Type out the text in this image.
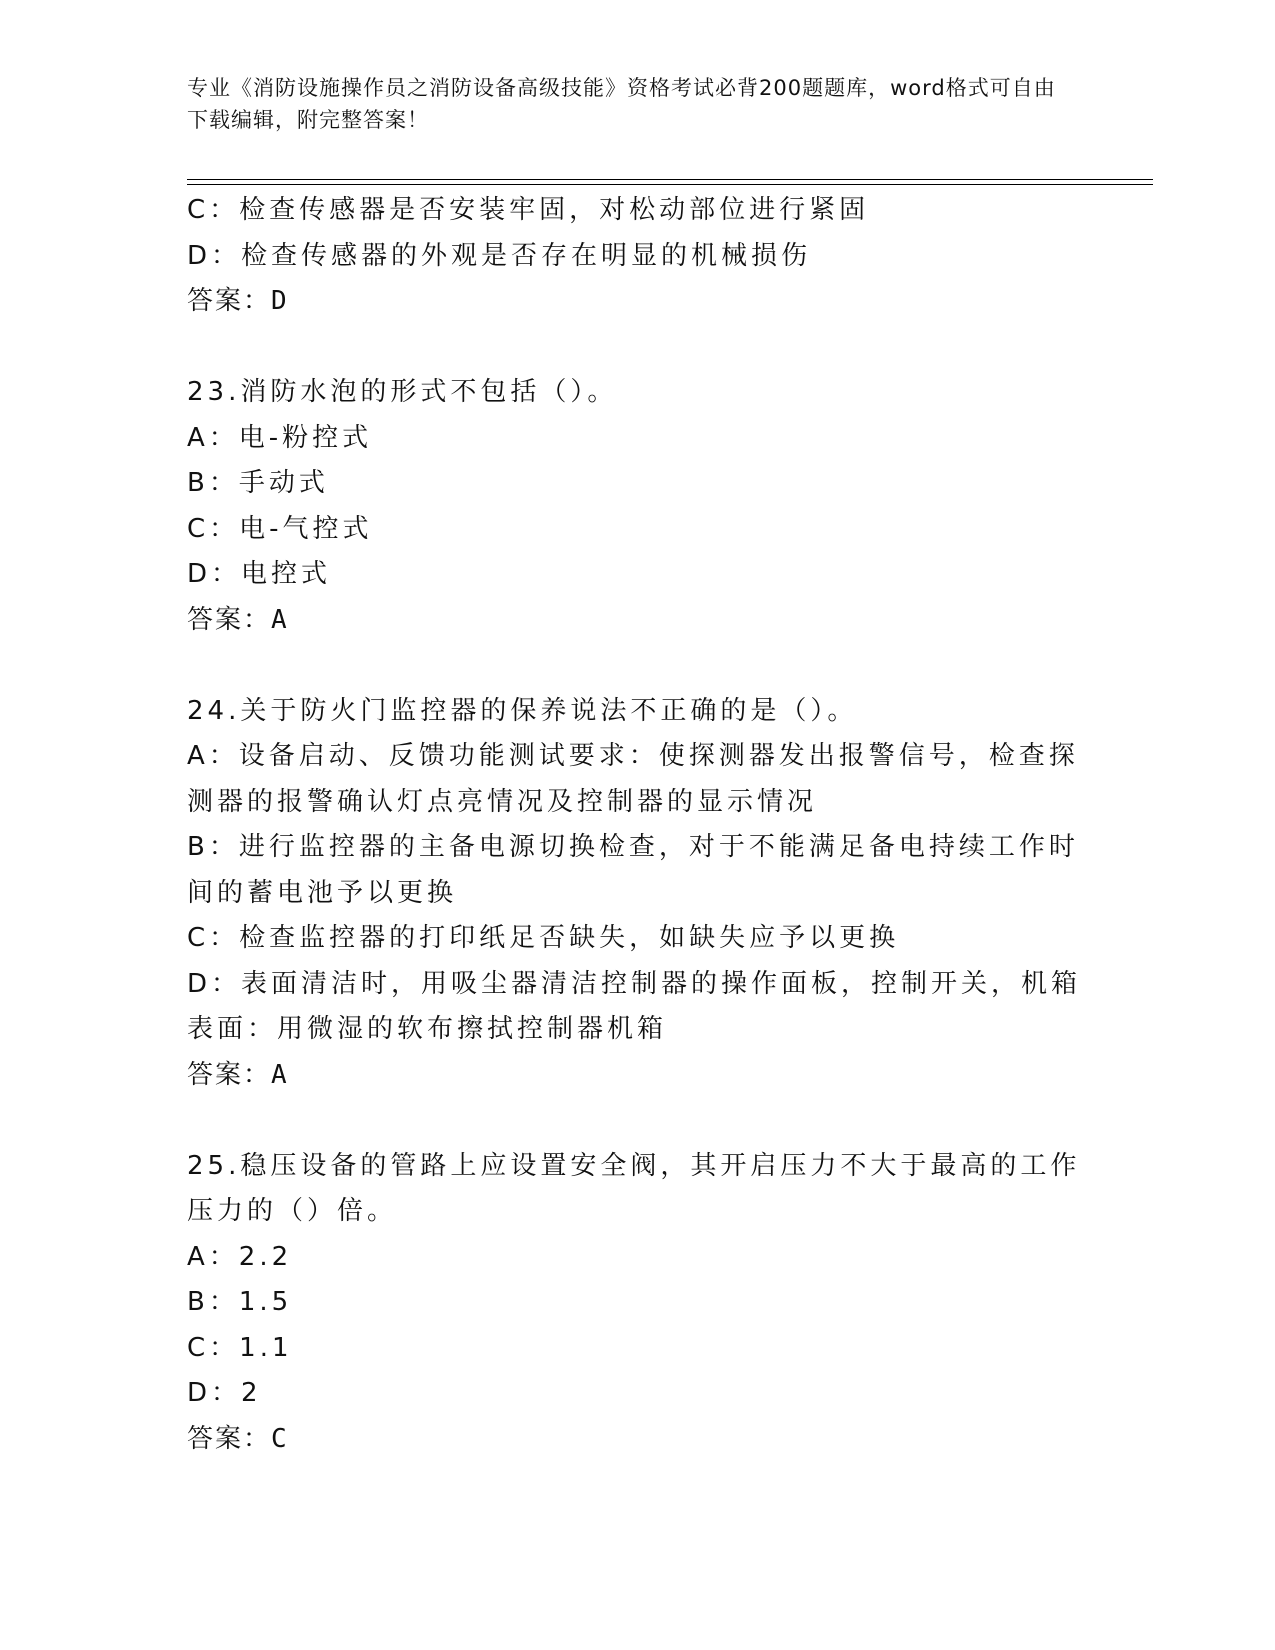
专业《消防设施操作员之消防设备高级技能》资格考试必背200题题库，word格式可自由下载编辑，附完整答案！
C：检查传感器是否安装牢固，对松动部位进行紧固
D：检查传感器的外观是否存在明显的机械损伤
答案：D
23.消防水泡的形式不包括（）。
A：电-粉控式
B：手动式
C：电-气控式
D：电控式
答案：A
24.关于防火门监控器的保养说法不正确的是（）。
A：设备启动、反馈功能测试要求：使探测器发出报警信号，检查探测器的报警确认灯点亮情况及控制器的显示情况
B：进行监控器的主备电源切换检查，对于不能满足备电持续工作时间的蓄电池予以更换
C：检查监控器的打印纸足否缺失，如缺失应予以更换
D：表面清洁时，用吸尘器清洁控制器的操作面板，控制开关，机箱表面：用微湿的软布擦拭控制器机箱
答案：A
25.稳压设备的管路上应设置安全阀，其开启压力不大于最高的工作压力的（）倍。
A：2.2
B：1.5
C：1.1
D：2
答案：C
